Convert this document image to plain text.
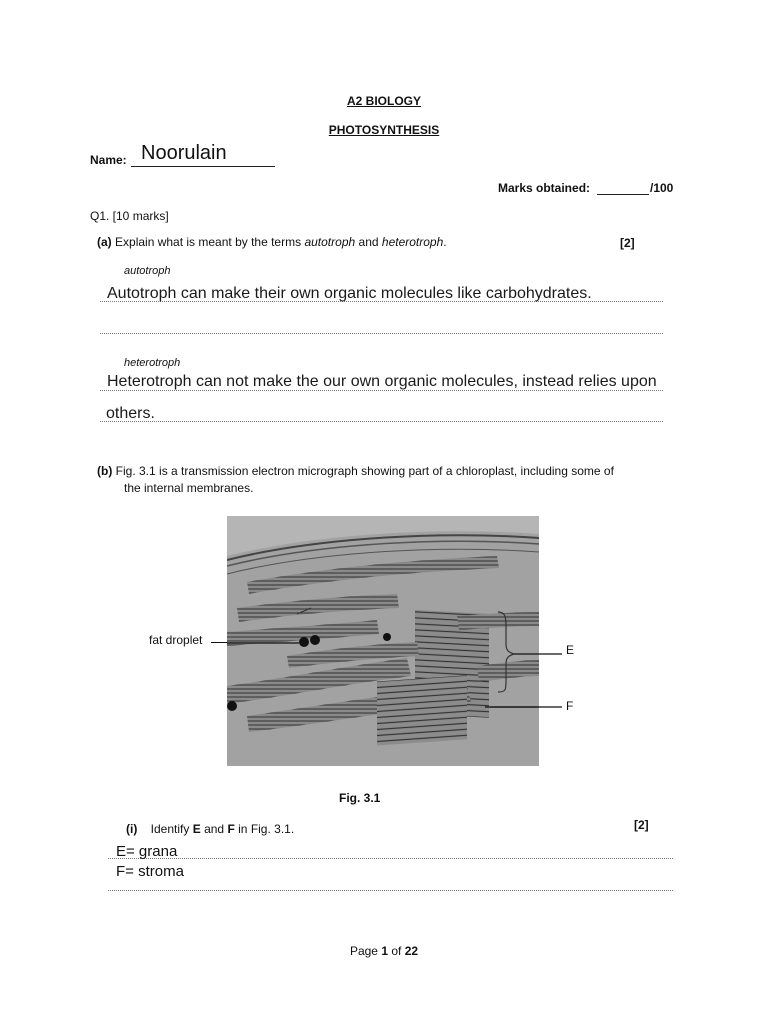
A2 BIOLOGY
PHOTOSYNTHESIS
Name: Noorulain
Marks obtained:	/100
Q1. [10 marks]
(a) Explain what is meant by the terms autotroph and heterotroph.	[2]
autotroph
Autotroph can make their own organic molecules like carbohydrates.
heterotroph
Heterotroph can not make the our own organic molecules, instead relies upon
others.
(b) Fig. 3.1 is a transmission electron micrograph showing part of a chloroplast, including some of
the internal membranes.
fat droplet
E
F
Fig. 3.1
(i) Identify E and F in Fig. 3.1.	[2]
E= grana
F= stroma
Page 1 of 22
